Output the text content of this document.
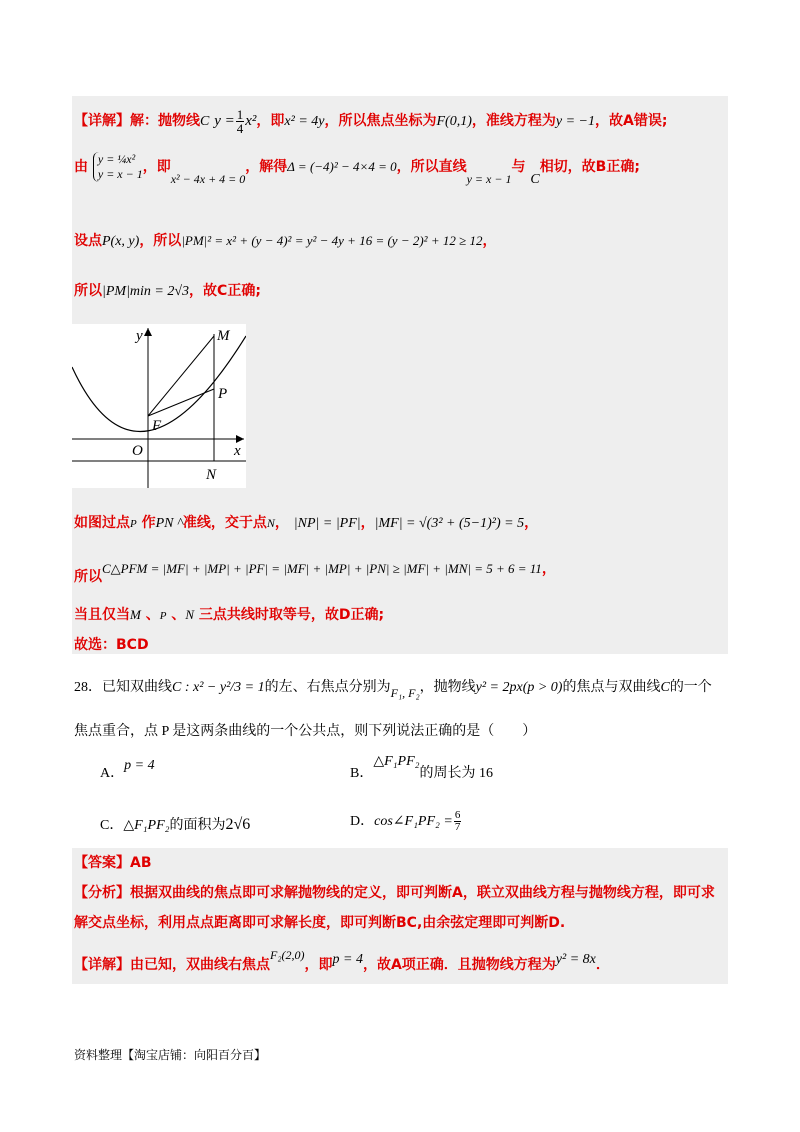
【详解】解：抛物线C $y = \frac{1}{4} x^2$，即x² = 4y，所以焦点坐标为F(0,1)，准线方程为y = −1，故A错误;
由 y = ¼x²
y = x − 1 ，即x² − 4x + 4 = 0，解得Δ = (−4)² − 4×4 = 0，所以直线y = x − 1与 C相切，故B正确;
设点P(x, y)，所以|PM|² = x² + (y − 4)² = y² − 4y + 16 = (y − 2)² + 12 ≥ 12，
所以|PM|min = 2√3，故C正确;
y	M
P
F
O	x
N
如图过点P 作PN ^准线，交于点N， |NP| = |PF|，|MF| = √(3² + (5−1)²) = 5，
所以C△PFM = |MF| + |MP| + |PF| = |MF| + |MP| + |PN| ≥ |MF| + |MN| = 5 + 6 = 11，
当且仅当M 、P 、N 三点共线时取等号，故D正确;
故选：BCD
28．已知双曲线C : x² − y²/3 = 1的左、右焦点分别为F₁, F₂，抛物线y² = 2px(p > 0)的焦点与双曲线C的一个
焦点重合，点 P 是这两条曲线的一个公共点，则下列说法正确的是（　　）
A．p = 4
B．△F₁PF₂的周长为 16
C．△F₁PF₂的面积为2√6	D．cos∠F₁PF₂ = $\frac{6}{7}$
【答案】AB
【分析】根据双曲线的焦点即可求解抛物线的定义，即可判断A，联立双曲线方程与抛物线方程，即可求
解交点坐标，利用点点距离即可求解长度，即可判断BC,由余弦定理即可判断D.
【详解】由已知，双曲线右焦点F₂(2,0)，即p = 4，故A项正确．且抛物线方程为y² = 8x．
资料整理【淘宝店铺：向阳百分百】
